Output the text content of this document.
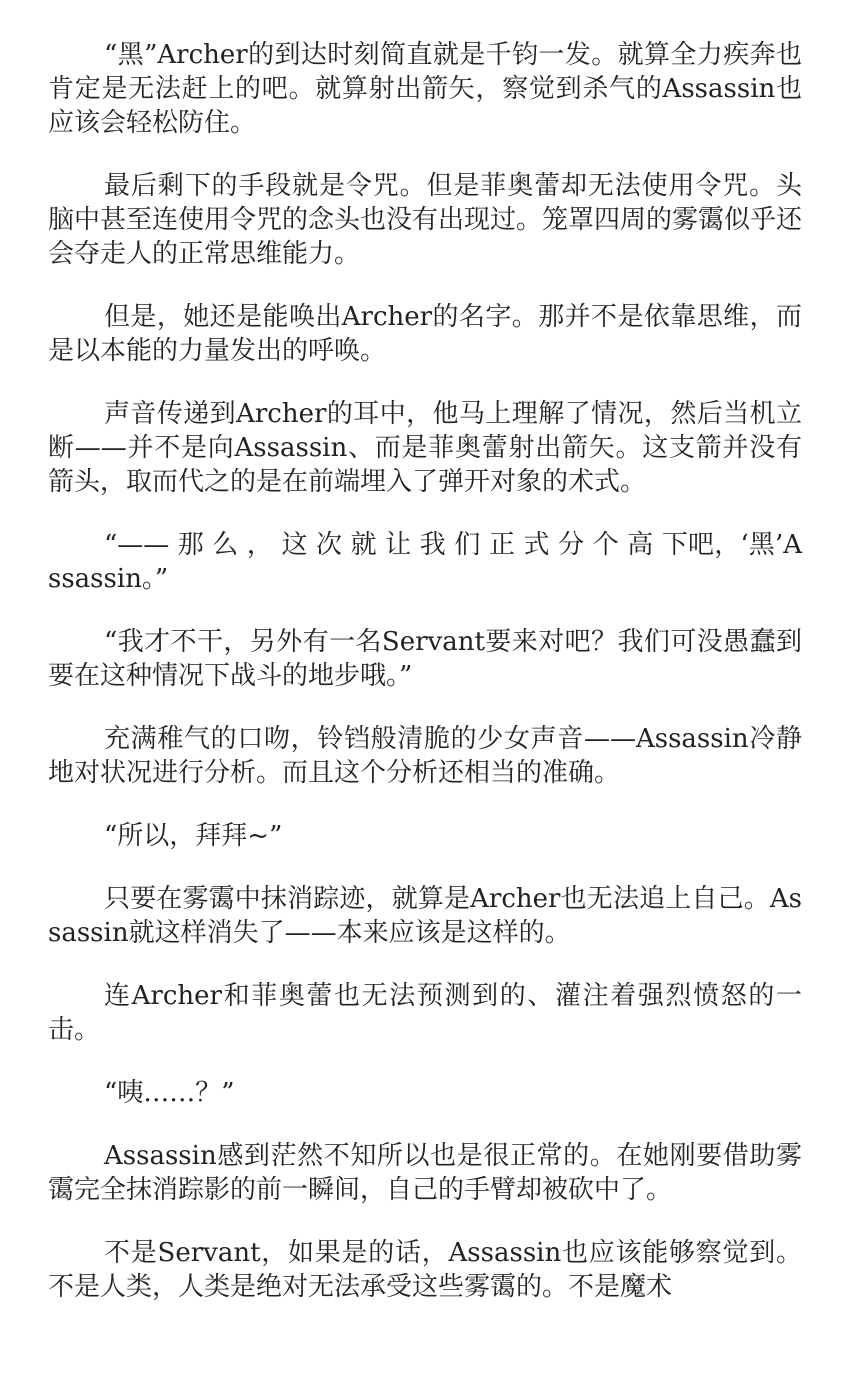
“黑”Archer的到达时刻简直就是千钧一发。就算全力疾奔也肯定是无法赶上的吧。就算射出箭矢，察觉到杀气的Assassin也应该会轻松防住。

最后剩下的手段就是令咒。但是菲奥蕾却无法使用令咒。头脑中甚至连使用令咒的念头也没有出现过。笼罩四周的雾霭似乎还会夺走人的正常思维能力。

但是，她还是能唤出Archer的名字。那并不是依靠思维，而是以本能的力量发出的呼唤。

声音传递到Archer的耳中，他马上理解了情况，然后当机立断——并不是向Assassin、而是菲奥蕾射出箭矢。这支箭并没有箭头，取而代之的是在前端埋入了弹开对象的术式。

“—— 那 么 ， 这 次 就 让 我 们 正 式 分 个 高 下吧，‘黑’Assassin。”

“我才不干，另外有一名Servant要来对吧？我们可没愚蠢到要在这种情况下战斗的地步哦。”

充满稚气的口吻，铃铛般清脆的少女声音——Assassin冷静地对状况进行分析。而且这个分析还相当的准确。

“所以，拜拜~”

只要在雾霭中抹消踪迹，就算是Archer也无法追上自己。Assassin就这样消失了——本来应该是这样的。

连Archer和菲奥蕾也无法预测到的、灌注着强烈愤怒的一击。

“咦……？”

Assassin感到茫然不知所以也是很正常的。在她刚要借助雾霭完全抹消踪影的前一瞬间，自己的手臂却被砍中了。

不是Servant，如果是的话，Assassin也应该能够察觉到。不是人类，人类是绝对无法承受这些雾霭的。不是魔术
